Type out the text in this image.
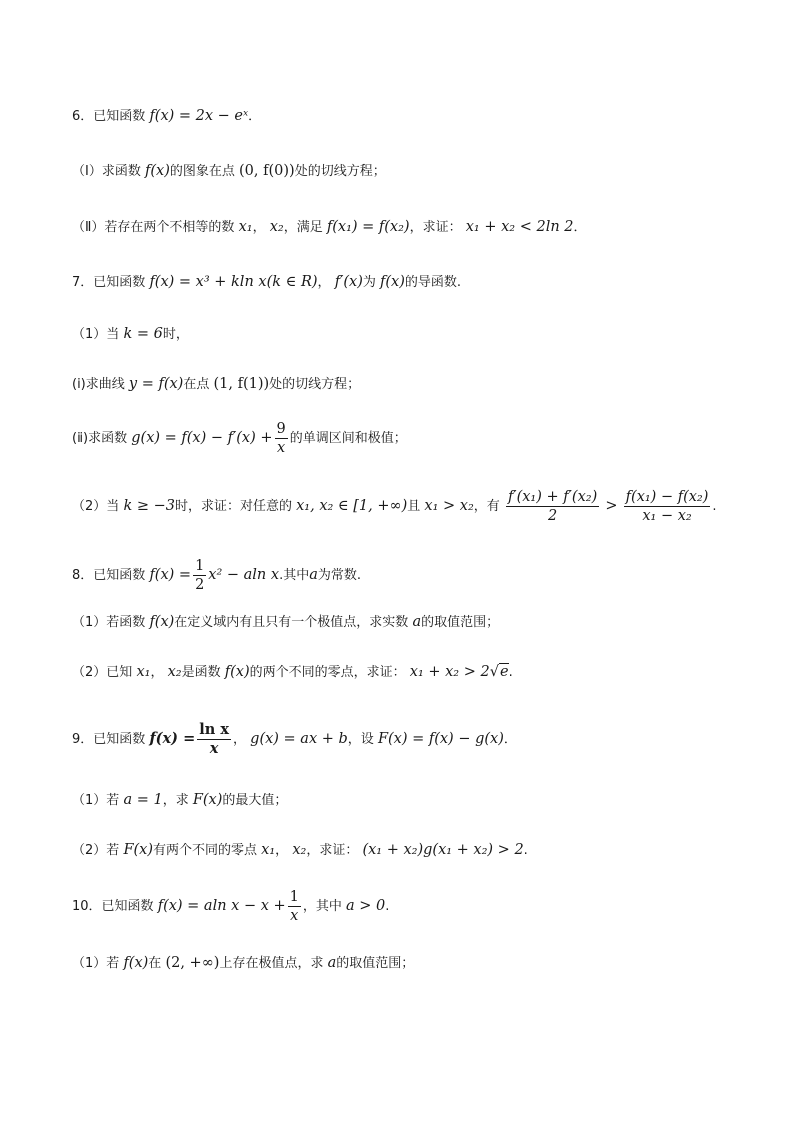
6．已知函数 f(x) = 2x − eˣ．
（Ⅰ）求函数 f(x)的图象在点 (0, f(0))处的切线方程；
（Ⅱ）若存在两个不相等的数 x₁， x₂，满足 f(x₁) = f(x₂)，求证： x₁ + x₂ < 2ln 2．
7．已知函数 f(x) = x³ + kln x(k ∈ R)， f′(x)为 f(x)的导函数.
（1）当 k = 6时，
(ⅰ)求曲线 y = f(x)在点 (1, f(1))处的切线方程；
(ⅱ)求函数 $g(x) = f(x) - f'(x) + \frac{9}{x}$ 的单调区间和极值；
（2）当 k ≥ −3时，求证：对任意的 x₁, x₂ ∈ [1, +∞)且 x₁ > x₂，有 $\frac{\text{f′(x₁) + f′(x₂)}}{2} > \frac{\text{f(x₁) − f(x₂)}}{\text{x₁ − x₂}}$ .
8．已知函数 $f(x) = \frac{1}{2} x^2 - aln$ x.其中a为常数.
（1）若函数 f(x)在定义域内有且只有一个极值点，求实数 a的取值范围；
（2）已知 x₁， x₂是函数 f(x)的两个不同的零点，求证： x₁ + x₂ > 2√e.
9．已知函数 $f(x) = \frac{\text{ln x}}{x}$ ， g(x) = ax + b，设 F(x) = f(x) − g(x)．
（1）若 a = 1，求 F(x)的最大值；
（2）若 F(x)有两个不同的零点 x₁， x₂，求证： (x₁ + x₂)g(x₁ + x₂) > 2.
10．已知函数 f(x) = aln $x - x + \frac{1}{x}$ ，其中 a > 0.
（1）若 f(x)在 (2, +∞)上存在极值点，求 a的取值范围；
